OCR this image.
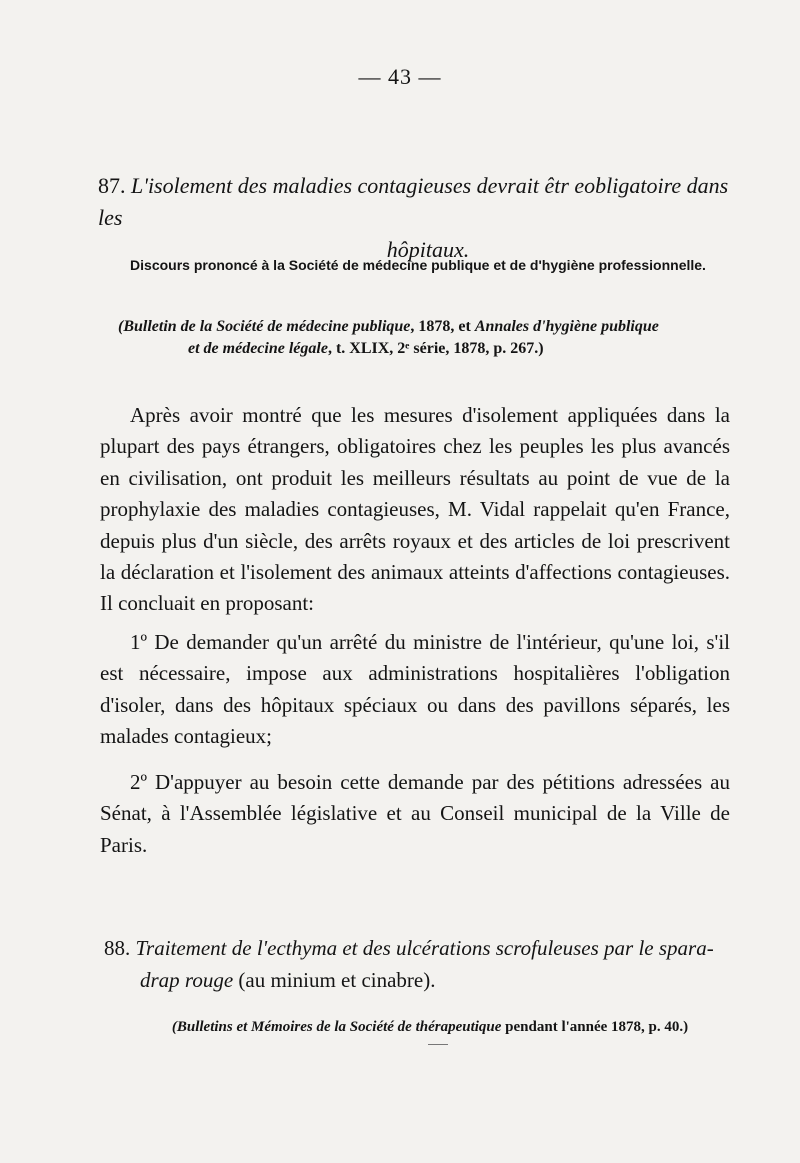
— 43 —
87. L'isolement des maladies contagieuses devrait êtr eobligatoire dans les
hôpitaux.
Discours prononcé à la Société de médecine publique et de d'hygiène professionnelle.
(Bulletin de la Société de médecine publique, 1878, et Annales d'hygiène publique
et de médecine légale, t. XLIX, 2ᵉ série, 1878, p. 267.)

Après avoir montré que les mesures d'isolement appliquées dans la plupart des pays étrangers, obligatoires chez les peuples les plus avancés en civilisation, ont produit les meilleurs résultats au point de vue de la prophylaxie des maladies contagieuses, M. Vidal rappelait qu'en France, depuis plus d'un siècle, des arrêts royaux et des articles de loi prescrivent la déclaration et l'isolement des animaux atteints d'affections contagieuses. Il concluait en proposant:

1º De demander qu'un arrêté du ministre de l'intérieur, qu'une loi, s'il est nécessaire, impose aux administrations hospitalières l'obligation d'isoler, dans des hôpitaux spéciaux ou dans des pavillons séparés, les malades contagieux;

2º D'appuyer au besoin cette demande par des pétitions adressées au Sénat, à l'Assemblée législative et au Conseil municipal de la Ville de Paris.

88. Traitement de l'ecthyma et des ulcérations scrofuleuses par le spara-
drap rouge (au minium et cinabre).
(Bulletins et Mémoires de la Société de thérapeutique pendant l'année 1878, p. 40.)
